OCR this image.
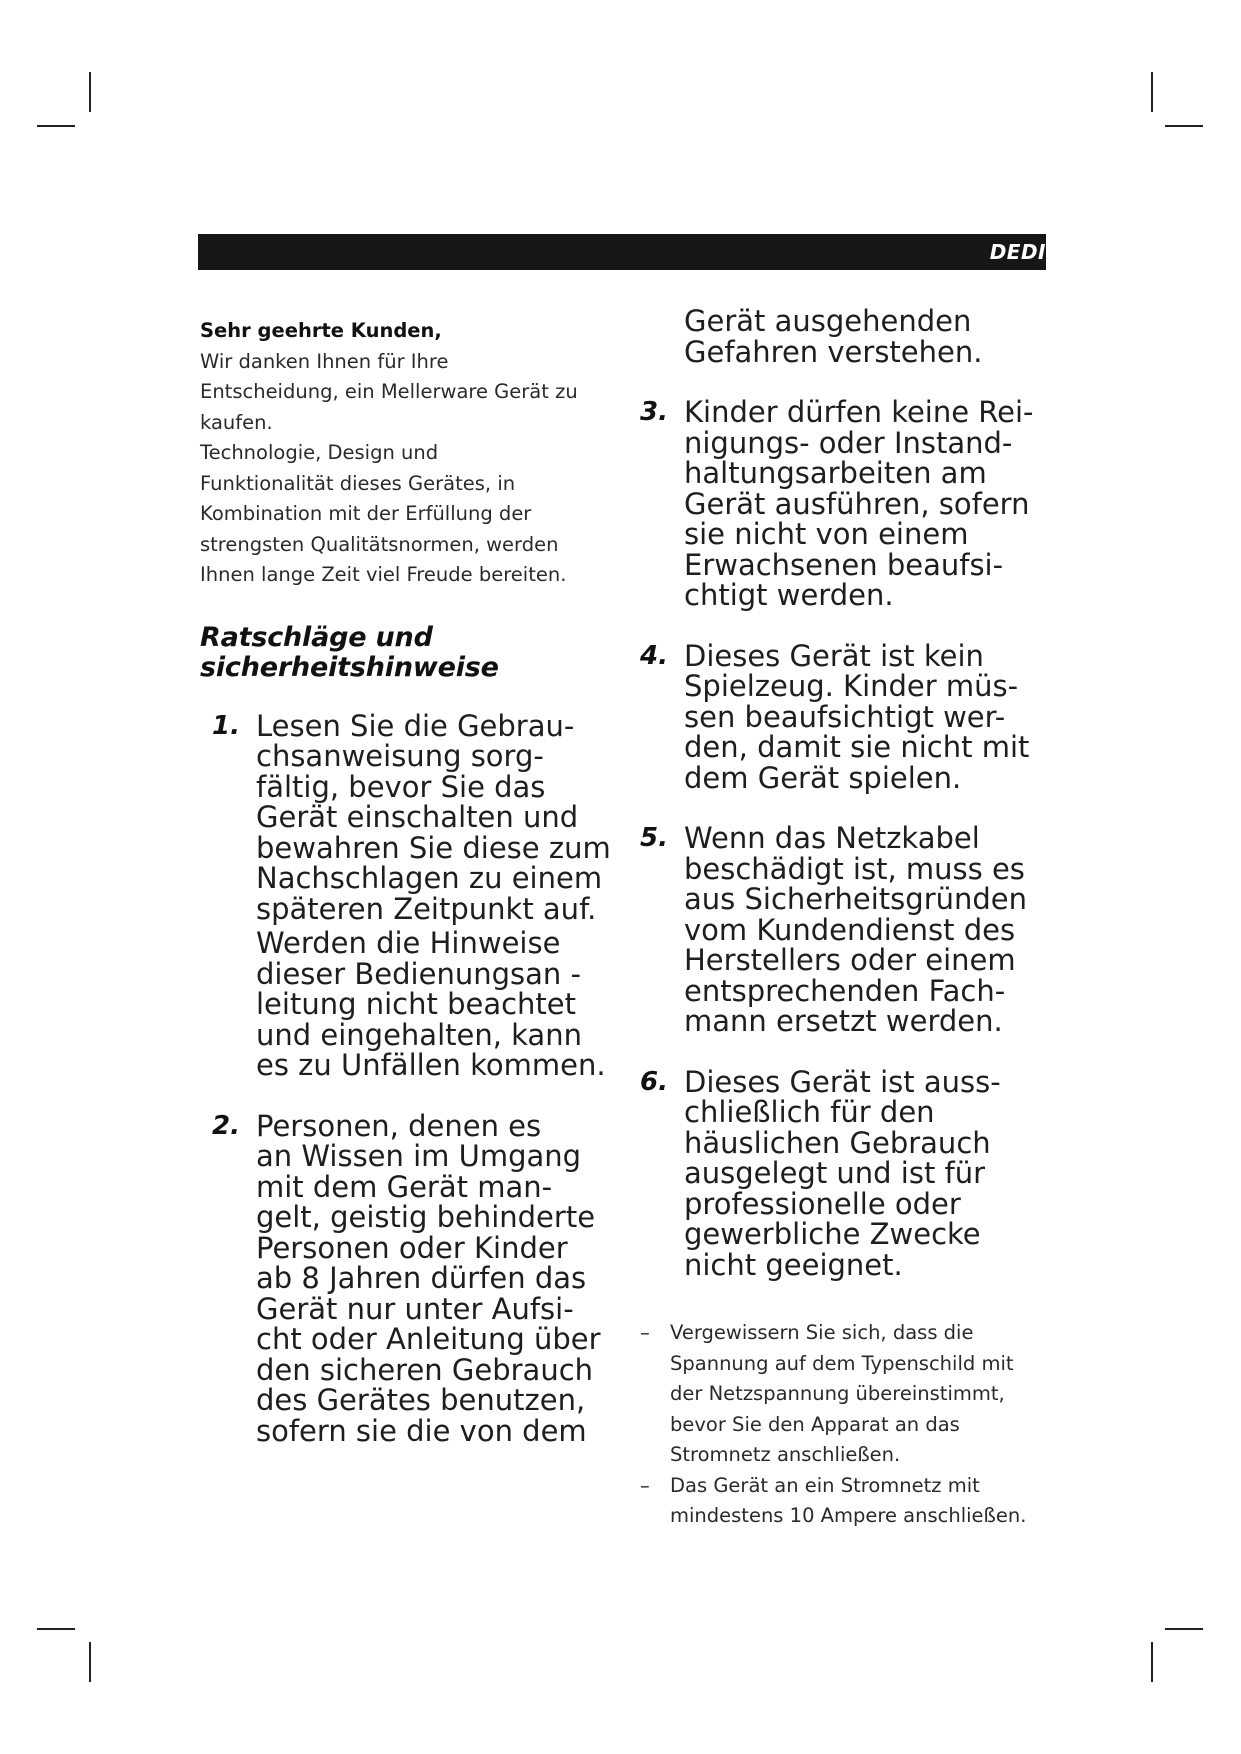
DEDI
Sehr geehrte Kunden,
Wir danken Ihnen für Ihre
Entscheidung, ein Mellerware Gerät zu
kaufen.
Technologie, Design und
Funktionalität dieses Gerätes, in
Kombination mit der Erfüllung der
strengsten Qualitätsnormen, werden
Ihnen lange Zeit viel Freude bereiten.
Ratschläge und
sicherheitshinweise
1. Lesen Sie die Gebrau-
chsanweisung sorg-
fältig, bevor Sie das
Gerät einschalten und
bewahren Sie diese zum
Nachschlagen zu einem
späteren Zeitpunkt auf.
Werden die Hinweise
dieser Bedienungsan -
leitung nicht beachtet
und eingehalten, kann
es zu Unfällen kommen.
2. Personen, denen es
an Wissen im Umgang
mit dem Gerät man-
gelt, geistig behinderte
Personen oder Kinder
ab 8 Jahren dürfen das
Gerät nur unter Aufsi-
cht oder Anleitung über
den sicheren Gebrauch
des Gerätes benutzen,
sofern sie die von dem
Gerät ausgehenden
Gefahren verstehen.
3. Kinder dürfen keine Rei-
nigungs- oder Instand-
haltungsarbeiten am
Gerät ausführen, sofern
sie nicht von einem
Erwachsenen beaufsi-
chtigt werden.
4. Dieses Gerät ist kein
Spielzeug. Kinder müs-
sen beaufsichtigt wer-
den, damit sie nicht mit
dem Gerät spielen.
5. Wenn das Netzkabel
beschädigt ist, muss es
aus Sicherheitsgründen
vom Kundendienst des
Herstellers oder einem
entsprechenden Fach-
mann ersetzt werden.
6. Dieses Gerät ist auss-
chließlich für den
häuslichen Gebrauch
ausgelegt und ist für
professionelle oder
gewerbliche Zwecke
nicht geeignet.
– Vergewissern Sie sich, dass die
Spannung auf dem Typenschild mit
der Netzspannung übereinstimmt,
bevor Sie den Apparat an das
Stromnetz anschließen.
– Das Gerät an ein Stromnetz mit
mindestens 10 Ampere anschließen.
